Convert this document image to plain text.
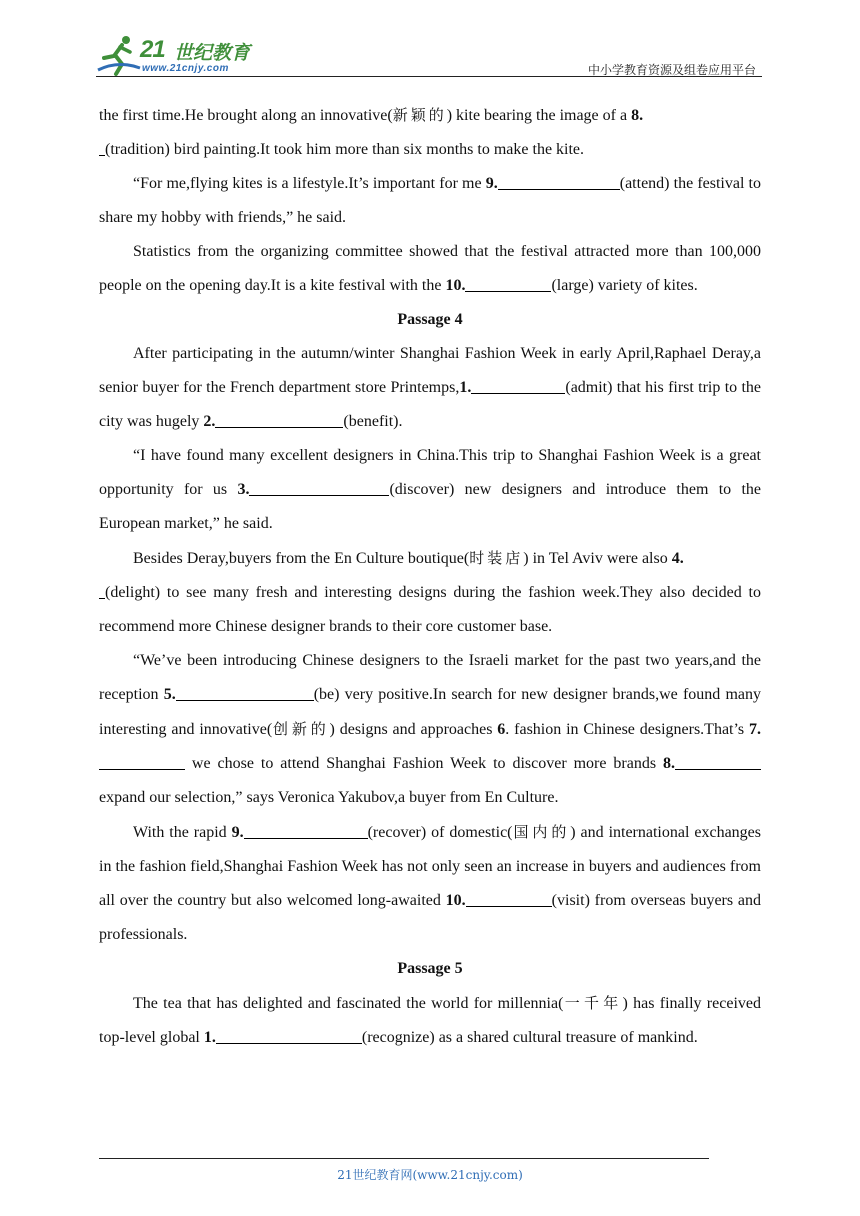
21 世纪教育
www.21cnjy.com	中小学教育资源及组卷应用平台

the first time.He brought along an innovative(新颖的) kite bearing the image of a 8.
(tradition) bird painting.It took him more than six months to make the kite.

“For me,flying kites is a lifestyle.It’s important for me 9.	(attend) the festival to share my hobby with friends,” he said.

Statistics from the organizing committee showed that the festival attracted more than 100,000 people on the opening day.It is a kite festival with the 10.	(large) variety of kites.

Passage 4

After participating in the autumn/winter Shanghai Fashion Week in early April,Raphael Deray,a senior buyer for the French department store Printemps,1.	(admit) that his first trip to the city was hugely 2.	(benefit).

“I have found many excellent designers in China.This trip to Shanghai Fashion Week is a great opportunity for us 3.	(discover) new designers and introduce them to the European market,” he said.

Besides Deray,buyers from the En Culture boutique(时装店) in Tel Aviv were also 4.
(delight) to see many fresh and interesting designs during the fashion week.They also decided to recommend more Chinese designer brands to their core customer base.

“We’ve been introducing Chinese designers to the Israeli market for the past two years,and the reception 5.	(be) very positive.In search for new designer brands,we found many interesting and innovative(创新的) designs and approaches 6. fashion in Chinese designers.That’s 7. we chose to attend Shanghai Fashion Week to discover more brands 8. expand our selection,” says Veronica Yakubov,a buyer from En Culture.

With the rapid 9.	(recover) of domestic(国内的) and international exchanges in the fashion field,Shanghai Fashion Week has not only seen an increase in buyers and audiences from all over the country but also welcomed long-awaited 10.	(visit) from overseas buyers and professionals.

Passage 5

The tea that has delighted and fascinated the world for millennia(一千年) has finally received top-level global 1.	(recognize) as a shared cultural treasure of mankind.

21世纪教育网(www.21cnjy.com)
